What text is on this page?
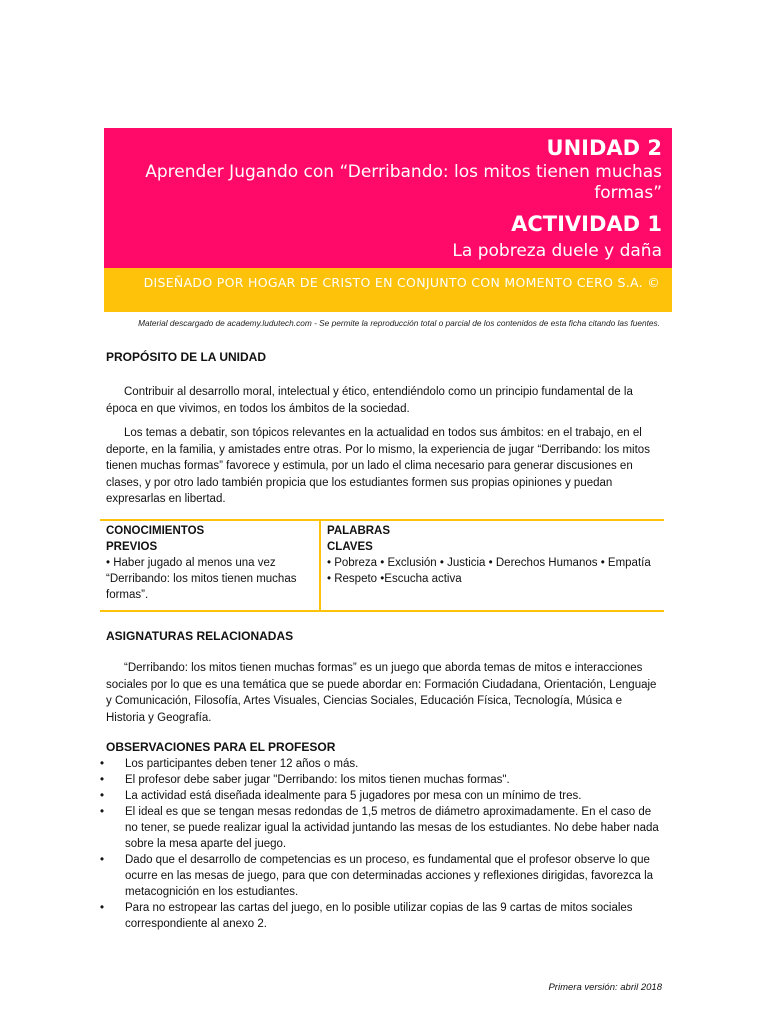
UNIDAD 2
Aprender Jugando con “Derribando: los mitos tienen muchas formas”
ACTIVIDAD 1
La pobreza duele y daña
DISEÑADO POR HOGAR DE CRISTO EN CONJUNTO CON MOMENTO CERO S.A. ©
Material descargado de academy.ludutech.com - Se permite la reproducción total o parcial de los contenidos de esta ficha citando las fuentes.
PROPÓSITO DE LA UNIDAD
Contribuir al desarrollo moral, intelectual y ético, entendiéndolo como un principio fundamental de la época en que vivimos, en todos los ámbitos de la sociedad.
Los temas a debatir, son tópicos relevantes en la actualidad en todos sus ámbitos: en el trabajo, en el deporte, en la familia, y amistades entre otras. Por lo mismo, la experiencia de jugar “Derribando: los mitos tienen muchas formas” favorece y estimula, por un lado el clima necesario para generar discusiones en clases, y por otro lado también propicia que los estudiantes formen sus propias opiniones y puedan expresarlas en libertad.
CONOCIMIENTOS
PREVIOS
• Haber jugado al menos una vez “Derribando: los mitos tienen muchas formas”.
PALABRAS
CLAVES
• Pobreza • Exclusión • Justicia • Derechos Humanos • Empatía
• Respeto •Escucha activa
ASIGNATURAS RELACIONADAS
“Derribando: los mitos tienen muchas formas” es un juego que aborda temas de mitos e interacciones sociales por lo que es una temática que se puede abordar en: Formación Ciudadana, Orientación, Lenguaje y Comunicación, Filosofía, Artes Visuales, Ciencias Sociales, Educación Física, Tecnología, Música e Historia y Geografía.
OBSERVACIONES PARA EL PROFESOR
• Los participantes deben tener 12 años o más.
• El profesor debe saber jugar "Derribando: los mitos tienen muchas formas".
• La actividad está diseñada idealmente para 5 jugadores por mesa con un mínimo de tres.
• El ideal es que se tengan mesas redondas de 1,5 metros de diámetro aproximadamente. En el caso de no tener, se puede realizar igual la actividad juntando las mesas de los estudiantes. No debe haber nada sobre la mesa aparte del juego.
• Dado que el desarrollo de competencias es un proceso, es fundamental que el profesor observe lo que ocurre en las mesas de juego, para que con determinadas acciones y reflexiones dirigidas, favorezca la metacognición en los estudiantes.
• Para no estropear las cartas del juego, en lo posible utilizar copias de las 9 cartas de mitos sociales correspondiente al anexo 2.
Primera versión: abril 2018
